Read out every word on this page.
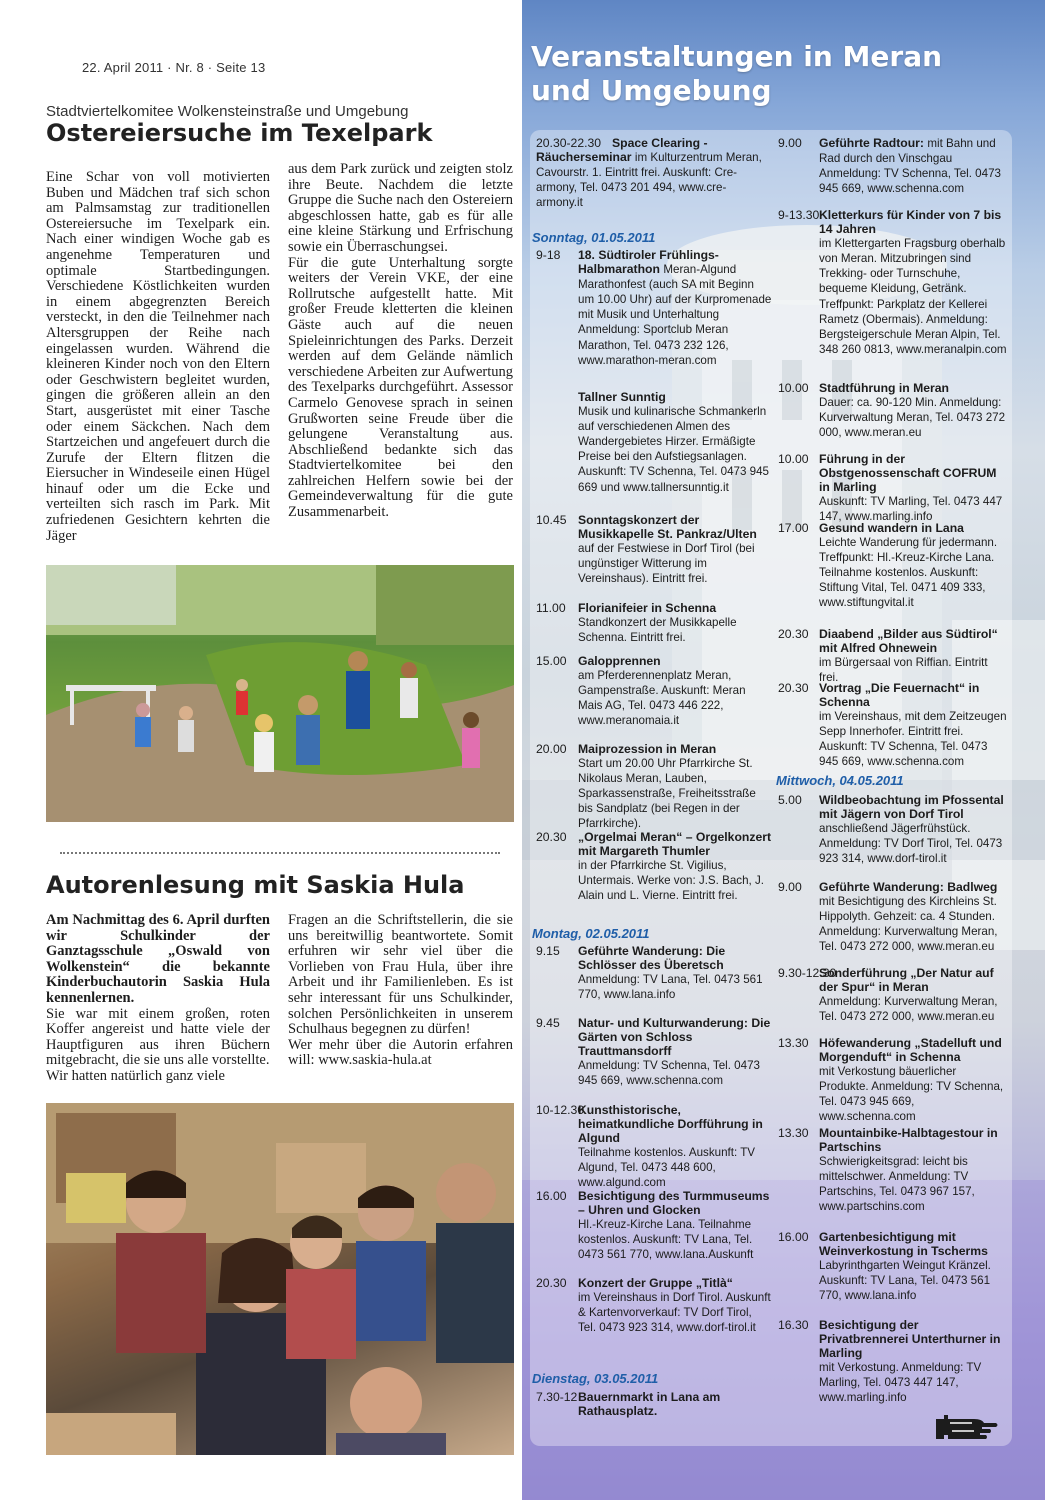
22. April 2011 · Nr. 8 · Seite 13
Stadtviertelkomitee Wolkensteinstraße und Umgebung
Ostereiersuche im Texelpark

Eine Schar von voll motivierten Buben und Mädchen traf sich schon am Palmsamstag zur traditionellen Ostereiersuche im Texelpark ein. Nach einer windigen Woche gab es angenehme Temperaturen und optimale Startbedingungen. Verschiedene Köstlichkeiten wurden in einem abgegrenzten Bereich versteckt, in den die Teilnehmer nach Altersgruppen der Reihe nach eingelassen wurden. Während die kleineren Kinder noch von den Eltern oder Geschwistern begleitet wurden, gingen die größeren allein an den Start, ausgerüstet mit einer Tasche oder einem Säckchen. Nach dem Startzeichen und angefeuert durch die Zurufe der Eltern flitzen die Eiersucher in Windeseile einen Hügel hinauf oder um die Ecke und verteilten sich rasch im Park. Mit zufriedenen Gesichtern kehrten die Jäger

aus dem Park zurück und zeigten stolz ihre Beute. Nachdem die letzte Gruppe die Suche nach den Ostereiern abgeschlossen hatte, gab es für alle eine kleine Stärkung und Erfrischung sowie ein Überraschungsei.

Für die gute Unterhaltung sorgte weiters der Verein VKE, der eine Rollrutsche aufgestellt hatte. Mit großer Freude kletterten die kleinen Gäste auch auf die neuen Spieleinrichtungen des Parks. Derzeit werden auf dem Gelände nämlich verschiedene Arbeiten zur Aufwertung des Texelparks durchgeführt. Assessor Carmelo Genovese sprach in seinen Grußworten seine Freude über die gelungene Veranstaltung aus. Abschließend bedankte sich das Stadtviertelkomitee bei den zahlreichen Helfern sowie bei der Gemeindeverwaltung für die gute Zusammenarbeit.

Autorenlesung mit Saskia Hula

Am Nachmittag des 6. April durften wir Schulkinder der Ganztagsschule „Oswald von Wolkenstein“ die bekannte Kinderbuchautorin Saskia Hula kennenlernen.

Sie war mit einem großen, roten Koffer angereist und hatte viele der Hauptfiguren aus ihren Büchern mitgebracht, die sie uns alle vorstellte.

Wir hatten natürlich ganz viele

Fragen an die Schriftstellerin, die sie uns bereitwillig beantwortete. Somit erfuhren wir sehr viel über die Vorlieben von Frau Hula, über ihre Arbeit und ihr Familienleben. Es ist sehr interessant für uns Schulkinder, solchen Persönlichkeiten in unserem Schulhaus begegnen zu dürfen!

Wer mehr über die Autorin erfahren will: www.saskia-hula.at

Veranstaltungen in Meran
und Umgebung
Sonntag, 01.05.2011
Montag, 02.05.2011
Dienstag, 03.05.2011
Mittwoch, 04.05.2011
20.30-22.30 Space Clearing - Räucherseminar im Kulturzentrum Meran, Cavourstr. 1. Eintritt frei. Auskunft: Cre-armony, Tel. 0473 201 494, www.cre-armony.it
9-18 18. Südtiroler Frühlings-Halbmarathon Meran-Algund Marathonfest (auch SA mit Beginn um 10.00 Uhr) auf der Kurpromenade mit Musik und Unterhaltung Anmeldung: Sportclub Meran Marathon, Tel. 0473 232 126, www.marathon-meran.com
Tallner Sunntig
Musik und kulinarische Schmankerln auf verschiedenen Almen des Wandergebietes Hirzer. Ermäßigte Preise bei den Aufstiegsanlagen. Auskunft: TV Schenna, Tel. 0473 945 669 und www.tallnersunntig.it
10.45 Sonntagskonzert der Musikkapelle St. Pankraz/Ulten auf der Festwiese in Dorf Tirol (bei ungünstiger Witterung im Vereinshaus). Eintritt frei.
11.00 Florianifeier in Schenna
Standkonzert der Musikkapelle Schenna. Eintritt frei.
15.00 Galopprennen
am Pferderennenplatz Meran, Gampenstraße. Auskunft: Meran Mais AG, Tel. 0473 446 222, www.meranomaia.it
20.00 Maiprozession in Meran
Start um 20.00 Uhr Pfarrkirche St. Nikolaus Meran, Lauben, Sparkassenstraße, Freiheitsstraße bis Sandplatz (bei Regen in der Pfarrkirche).
20.30 „Orgelmai Meran“ – Orgelkonzert mit Margareth Thumler
in der Pfarrkirche St. Vigilius, Untermais. Werke von: J.S. Bach, J. Alain und L. Vierne. Eintritt frei.
9.15 Geführte Wanderung: Die Schlösser des Überetsch
Anmeldung: TV Lana, Tel. 0473 561 770, www.lana.info
9.45 Natur- und Kulturwanderung: Die Gärten von Schloss Trauttmansdorff
Anmeldung: TV Schenna, Tel. 0473 945 669, www.schenna.com
10-12.30
Kunsthistorische, heimatkundliche Dorfführung in Algund
Teilnahme kostenlos. Auskunft: TV Algund, Tel. 0473 448 600, www.algund.com
16.00 Besichtigung des Turmmuseums – Uhren und Glocken
Hl.-Kreuz-Kirche Lana. Teilnahme kostenlos. Auskunft: TV Lana, Tel. 0473 561 770, www.lana.Auskunft
20.30 Konzert der Gruppe „Titlà“
im Vereinshaus in Dorf Tirol. Auskunft & Kartenvorverkauf: TV Dorf Tirol, Tel. 0473 923 314, www.dorf-tirol.it
7.30-12 Bauernmarkt in Lana am Rathausplatz.
9.00 Geführte Radtour: mit Bahn und Rad durch den Vinschgau Anmeldung: TV Schenna, Tel. 0473 945 669, www.schenna.com
9-13.30 Kletterkurs für Kinder von 7 bis 14 Jahren
im Klettergarten Fragsburg oberhalb von Meran. Mitzubringen sind Trekking- oder Turnschuhe, bequeme Kleidung, Getränk. Treffpunkt: Parkplatz der Kellerei Rametz (Obermais). Anmeldung: Bergsteigerschule Meran Alpin, Tel. 348 260 0813, www.meranalpin.com
10.00 Stadtführung in Meran
Dauer: ca. 90-120 Min. Anmeldung: Kurverwaltung Meran, Tel. 0473 272 000, www.meran.eu
10.00 Führung in der Obstgenossenschaft COFRUM in Marling
Auskunft: TV Marling, Tel. 0473 447 147, www.marling.info
17.00 Gesund wandern in Lana
Leichte Wanderung für jedermann. Treffpunkt: Hl.-Kreuz-Kirche Lana. Teilnahme kostenlos. Auskunft: Stiftung Vital, Tel. 0471 409 333, www.stiftungvital.it
20.30 Diaabend „Bilder aus Südtirol“ mit Alfred Ohnewein
im Bürgersaal von Riffian. Eintritt frei.
20.30 Vortrag „Die Feuernacht“ in Schenna
im Vereinshaus, mit dem Zeitzeugen Sepp Innerhofer. Eintritt frei. Auskunft: TV Schenna, Tel. 0473 945 669, www.schenna.com
5.00 Wildbeobachtung im Pfossental mit Jägern von Dorf Tirol
anschließend Jägerfrühstück. Anmeldung: TV Dorf Tirol, Tel. 0473 923 314, www.dorf-tirol.it
9.00 Geführte Wanderung: Badlweg
mit Besichtigung des Kirchleins St. Hippolyth. Gehzeit: ca. 4 Stunden. Anmeldung: Kurverwaltung Meran, Tel. 0473 272 000, www.meran.eu
9.30-12.30
Sonderführung „Der Natur auf der Spur“ in Meran
Anmeldung: Kurverwaltung Meran, Tel. 0473 272 000, www.meran.eu
13.30 Höfewanderung „Stadelluft und Morgenduft“ in Schenna
mit Verkostung bäuerlicher Produkte. Anmeldung: TV Schenna, Tel. 0473 945 669, www.schenna.com
13.30 Mountainbike-Halbtagestour in Partschins
Schwierigkeitsgrad: leicht bis mittelschwer. Anmeldung: TV Partschins, Tel. 0473 967 157, www.partschins.com
16.00 Gartenbesichtigung mit Weinverkostung in Tscherms
Labyrinthgarten Weingut Kränzel. Auskunft: TV Lana, Tel. 0473 561 770, www.lana.info
16.30 Besichtigung der Privatbrennerei Unterthurner in Marling
mit Verkostung. Anmeldung: TV Marling, Tel. 0473 447 147, www.marling.info
